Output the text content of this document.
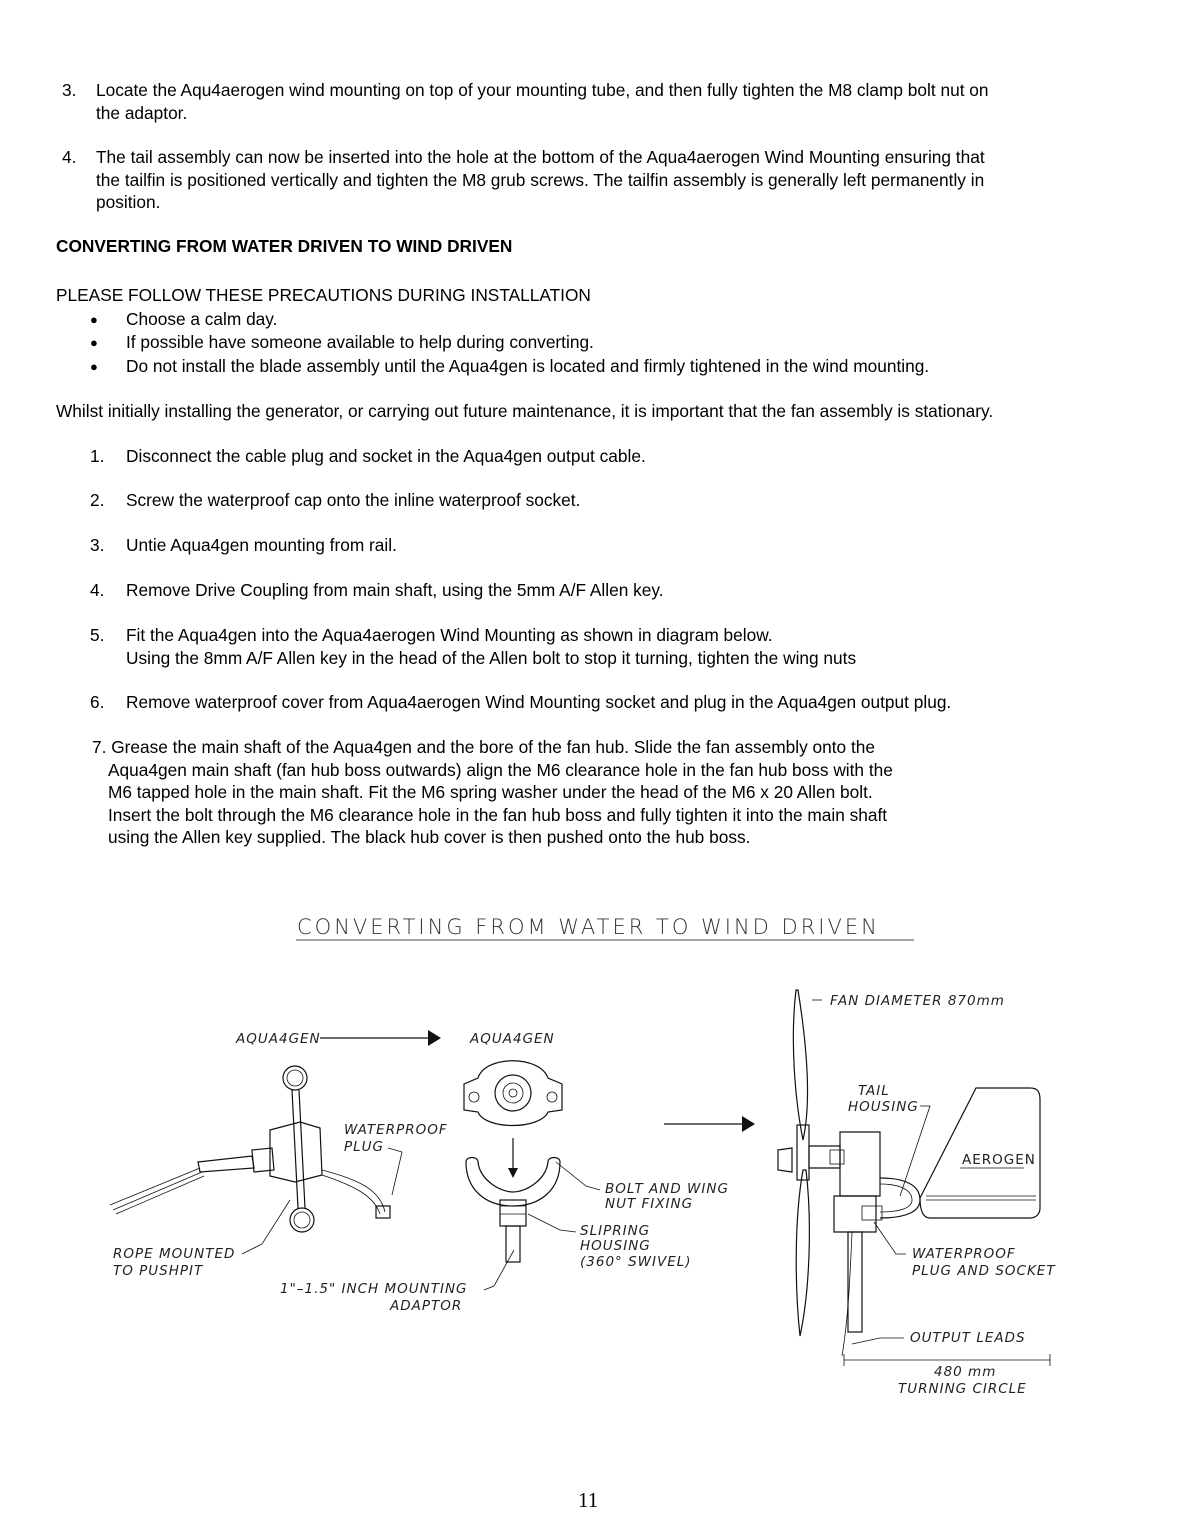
3. Locate the Aqu4aerogen wind mounting on top of your mounting tube, and then fully tighten the M8 clamp bolt nut on
the adaptor.
4. The tail assembly can now be inserted into the hole at the bottom of the Aqua4aerogen Wind Mounting ensuring that
the tailfin is positioned vertically and tighten the M8 grub screws. The tailfin assembly is generally left permanently in
position.
CONVERTING FROM WATER DRIVEN TO WIND DRIVEN
PLEASE FOLLOW THESE PRECAUTIONS DURING INSTALLATION
● Choose a calm day.
● If possible have someone available to help during converting.
● Do not install the blade assembly until the Aqua4gen is located and firmly tightened in the wind mounting.
Whilst initially installing the generator, or carrying out future maintenance, it is important that the fan assembly is stationary.
1. Disconnect the cable plug and socket in the Aqua4gen output cable.
2. Screw the waterproof cap onto the inline waterproof socket.
3. Untie Aqua4gen mounting from rail.
4. Remove Drive Coupling from main shaft, using the 5mm A/F Allen key.
5. Fit the Aqua4gen into the Aqua4aerogen Wind Mounting as shown in diagram below.
Using the 8mm A/F Allen key in the head of the Allen bolt to stop it turning, tighten the wing nuts
6. Remove waterproof cover from Aqua4aerogen Wind Mounting socket and plug in the Aqua4gen output plug.
7. Grease the main shaft of the Aqua4gen and the bore of the fan hub. Slide the fan assembly onto the
Aqua4gen main shaft (fan hub boss outwards) align the M6 clearance hole in the fan hub boss with the
M6 tapped hole in the main shaft. Fit the M6 spring washer under the head of the M6 x 20 Allen bolt.
Insert the bolt through the M6 clearance hole in the fan hub boss and fully tighten it into the main shaft
using the Allen key supplied. The black hub cover is then pushed onto the hub boss.
CONVERTING FROM WATER TO WIND DRIVEN
AQUA4GEN	AQUA4GEN
WATERPROOF
PLUG
ROPE MOUNTED
TO PUSHPIT
1"–1.5" INCH MOUNTING
ADAPTOR
BOLT AND WING
NUT FIXING
SLIPRING
HOUSING
(360° SWIVEL)
AEROGEN
FAN DIAMETER 870mm
TAIL
HOUSING
WATERPROOF
PLUG AND SOCKET
OUTPUT LEADS
480 mm
TURNING CIRCLE
11
